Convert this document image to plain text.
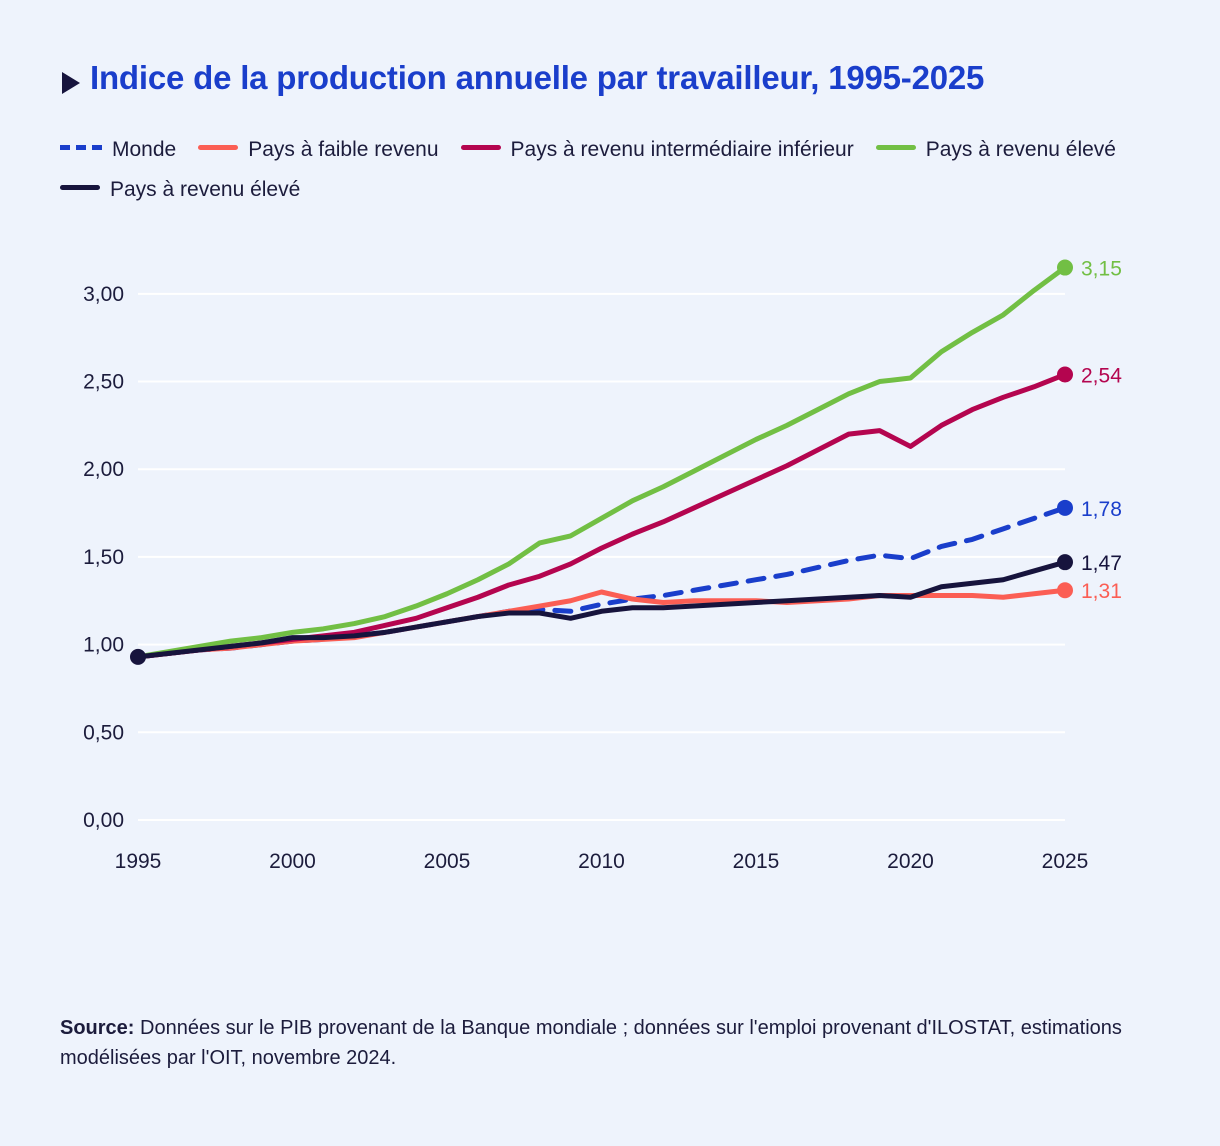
Indice de la production annuelle par travailleur, 1995-2025
Monde	Pays à faible revenu	Pays à revenu intermédiaire inférieur	Pays à revenu élevé  Pays à revenu élevé
0,00
0,50
1,00
1,50
2,00
2,50
3,00
1995	2000	2005	2010	2015	2020	2025
1,78
1,31
2,54
3,15
1,47
Source: Données sur le PIB provenant de la Banque mondiale ; données sur l'emploi provenant d'ILOSTAT, estimations modélisées par l'OIT, novembre 2024.
